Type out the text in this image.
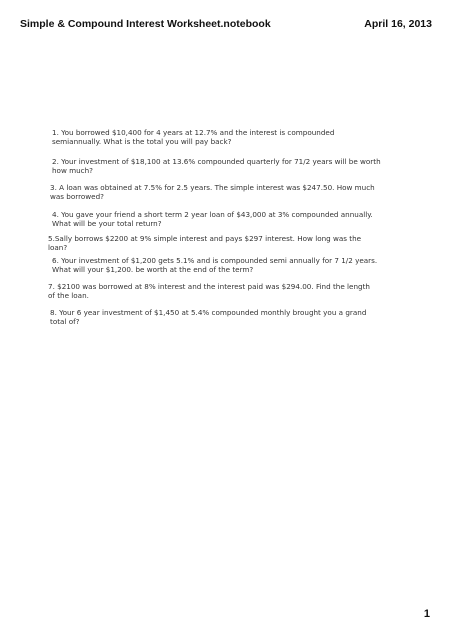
Simple & Compound Interest Worksheet.notebook	April 16, 2013
1. You borrowed $10,400 for 4 years at 12.7% and the interest is compounded semiannually. What is the total you will pay back?
2. Your investment of $18,100 at 13.6% compounded quarterly for 71/2 years will be worth how much?
3. A loan was obtained at 7.5% for 2.5 years. The simple interest was $247.50. How much was borrowed?
4. You gave your friend a short term 2 year loan of $43,000 at 3% compounded annually. What will be your total return?
5.Sally borrows $2200 at 9% simple interest and pays $297 interest. How long was the loan?
6. Your investment of $1,200 gets 5.1% and is compounded semi annually for 7 1/2 years. What will your $1,200. be worth at the end of the term?
7. $2100 was borrowed at 8% interest and the interest paid was $294.00. Find the length of the loan.
8. Your 6 year investment of $1,450 at 5.4% compounded monthly brought you a grand total of?
1
